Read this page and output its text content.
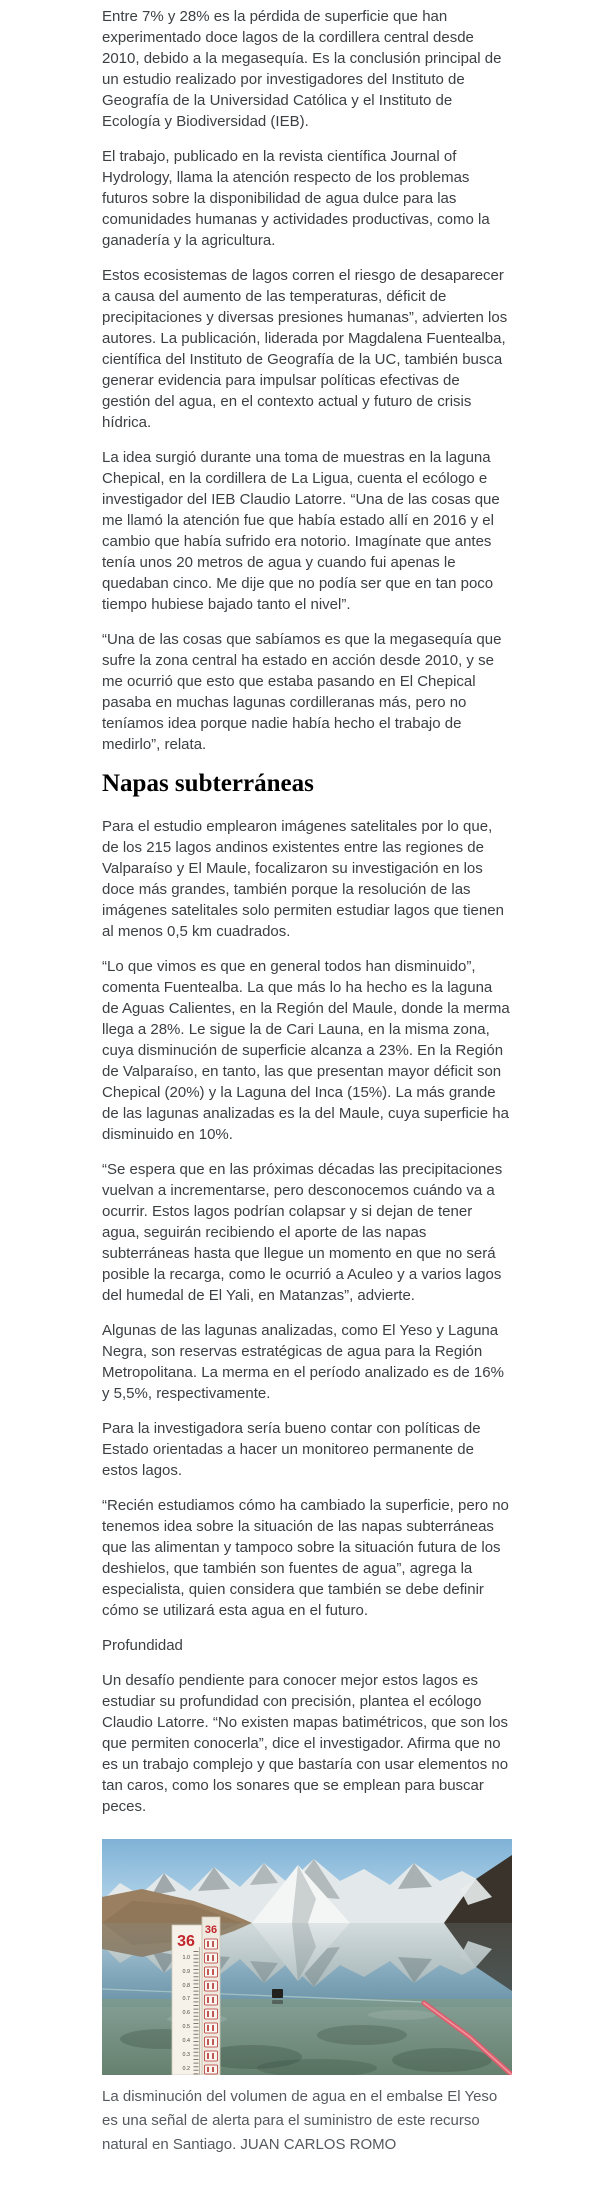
Entre 7% y 28% es la pérdida de superficie que han experimentado doce lagos de la cordillera central desde 2010, debido a la megasequía. Es la conclusión principal de un estudio realizado por investigadores del Instituto de Geografía de la Universidad Católica y el Instituto de Ecología y Biodiversidad (IEB).

El trabajo, publicado en la revista científica Journal of Hydrology, llama la atención respecto de los problemas futuros sobre la disponibilidad de agua dulce para las comunidades humanas y actividades productivas, como la ganadería y la agricultura.

Estos ecosistemas de lagos corren el riesgo de desaparecer a causa del aumento de las temperaturas, déficit de precipitaciones y diversas presiones humanas”, advierten los autores. La publicación, liderada por Magdalena Fuentealba, científica del Instituto de Geografía de la UC, también busca generar evidencia para impulsar políticas efectivas de gestión del agua, en el contexto actual y futuro de crisis hídrica.

La idea surgió durante una toma de muestras en la laguna Chepical, en la cordillera de La Ligua, cuenta el ecólogo e investigador del IEB Claudio Latorre. “Una de las cosas que me llamó la atención fue que había estado allí en 2016 y el cambio que había sufrido era notorio. Imagínate que antes tenía unos 20 metros de agua y cuando fui apenas le quedaban cinco. Me dije que no podía ser que en tan poco tiempo hubiese bajado tanto el nivel”.

“Una de las cosas que sabíamos es que la megasequía que sufre la zona central ha estado en acción desde 2010, y se me ocurrió que esto que estaba pasando en El Chepical pasaba en muchas lagunas cordilleranas más, pero no teníamos idea porque nadie había hecho el trabajo de medirlo”, relata.

Napas subterráneas

Para el estudio emplearon imágenes satelitales por lo que, de los 215 lagos andinos existentes entre las regiones de Valparaíso y El Maule, focalizaron su investigación en los doce más grandes, también porque la resolución de las imágenes satelitales solo permiten estudiar lagos que tienen al menos 0,5 km cuadrados.

“Lo que vimos es que en general todos han disminuido”, comenta Fuentealba. La que más lo ha hecho es la laguna de Aguas Calientes, en la Región del Maule, donde la merma llega a 28%. Le sigue la de Cari Launa, en la misma zona, cuya disminución de superficie alcanza a 23%. En la Región de Valparaíso, en tanto, las que presentan mayor déficit son Chepical (20%) y la Laguna del Inca (15%). La más grande de las lagunas analizadas es la del Maule, cuya superficie ha disminuido en 10%.

“Se espera que en las próximas décadas las precipitaciones vuelvan a incrementarse, pero desconocemos cuándo va a ocurrir. Estos lagos podrían colapsar y si dejan de tener agua, seguirán recibiendo el aporte de las napas subterráneas hasta que llegue un momento en que no será posible la recarga, como le ocurrió a Aculeo y a varios lagos del humedal de El Yali, en Matanzas”, advierte.

Algunas de las lagunas analizadas, como El Yeso y Laguna Negra, son reservas estratégicas de agua para la Región Metropolitana. La merma en el período analizado es de 16% y 5,5%, respectivamente.

Para la investigadora sería bueno contar con políticas de Estado orientadas a hacer un monitoreo permanente de estos lagos.

“Recién estudiamos cómo ha cambiado la superficie, pero no tenemos idea sobre la situación de las napas subterráneas que las alimentan y tampoco sobre la situación futura de los deshielos, que también son fuentes de agua”, agrega la especialista, quien considera que también se debe definir cómo se utilizará esta agua en el futuro.

Profundidad

Un desafío pendiente para conocer mejor estos lagos es estudiar su profundidad con precisión, plantea el ecólogo Claudio Latorre. “No existen mapas batimétricos, que son los que permiten conocerla”, dice el investigador. Afirma que no es un trabajo complejo y que bastaría con usar elementos no tan caros, como los sonares que se emplean para buscar peces.

36
36
1.0
0.9
0.8
0.7
0.6
0.5
0.4
0.3
0.2
La disminución del volumen de agua en el embalse El Yeso es una señal de alerta para el suministro de este recurso natural en Santiago. JUAN CARLOS ROMO
